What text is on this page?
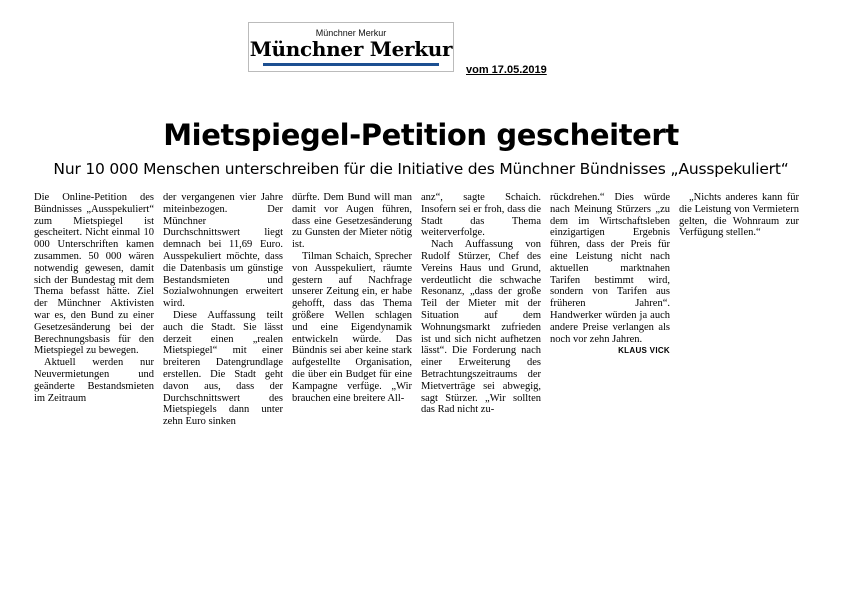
Münchner Merkur
Münchner Merkur
vom 17.05.2019
Mietspiegel-Petition gescheitert
Nur 10 000 Menschen unterschreiben für die Initiative des Münchner Bündnisses „Ausspekuliert“

Die Online-Petition des Bündnisses „Ausspekuliert“ zum Mietspiegel ist gescheitert. Nicht einmal 10 000 Unterschriften kamen zusammen. 50 000 wären notwendig gewesen, damit sich der Bundestag mit dem Thema befasst hätte. Ziel der Münchner Aktivisten war es, den Bund zu einer Gesetzesänderung bei der Berechnungsbasis für den Mietspiegel zu bewegen.

Aktuell werden nur Neuvermietungen und geänderte Bestandsmieten im Zeitraum

der vergangenen vier Jahre miteinbezogen. Der Münchner Durchschnittswert liegt demnach bei 11,69 Euro. Ausspekuliert möchte, dass die Datenbasis um günstige Bestandsmieten und Sozialwohnungen erweitert wird.

Diese Auffassung teilt auch die Stadt. Sie lässt derzeit einen „realen Mietspiegel“ mit einer breiteren Datengrundlage erstellen. Die Stadt geht davon aus, dass der Durchschnittswert des Mietspiegels dann unter zehn Euro sinken

dürfte. Dem Bund will man damit vor Augen führen, dass eine Gesetzesänderung zu Gunsten der Mieter nötig ist.

Tilman Schaich, Sprecher von Ausspekuliert, räumte gestern auf Nachfrage unserer Zeitung ein, er habe gehofft, dass das Thema größere Wellen schlagen und eine Eigendynamik entwickeln würde. Das Bündnis sei aber keine stark aufgestellte Organisation, die über ein Budget für eine Kampagne verfüge. „Wir brauchen eine breitere All-

anz“, sagte Schaich. Insofern sei er froh, dass die Stadt das Thema weiterverfolge.

Nach Auffassung von Rudolf Stürzer, Chef des Vereins Haus und Grund, verdeutlicht die schwache Resonanz, „dass der große Teil der Mieter mit der Situation auf dem Wohnungsmarkt zufrieden ist und sich nicht aufhetzen lässt“. Die Forderung nach einer Erweiterung des Betrachtungszeitraums der Mietverträge sei abwegig, sagt Stürzer. „Wir sollten das Rad nicht zu-

rückdrehen.“ Dies würde nach Meinung Stürzers „zu dem im Wirtschaftsleben einzigartigen Ergebnis führen, dass der Preis für eine Leistung nicht nach aktuellen marktnahen Tarifen bestimmt wird, sondern von Tarifen aus früheren Jahren“. Handwerker würden ja auch andere Preise verlangen als noch vor zehn Jahren.

KLAUS VICK

„Nichts anderes kann für die Leistung von Vermietern gelten, die Wohnraum zur Verfügung stellen.“
